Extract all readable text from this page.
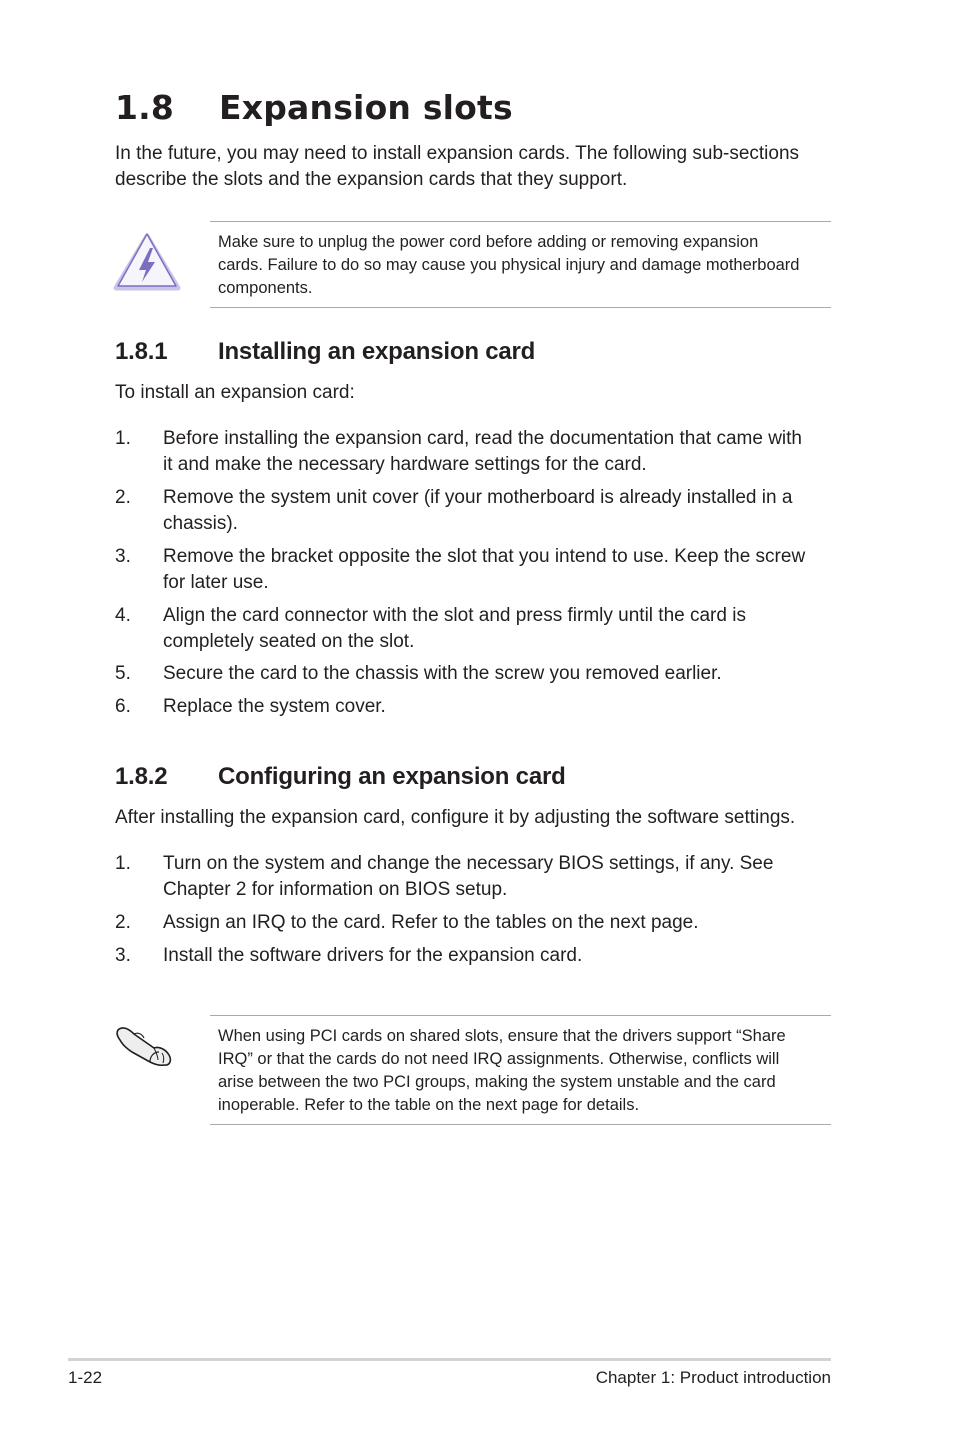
1.8 Expansion slots
In the future, you may need to install expansion cards. The following sub-sections
describe the slots and the expansion cards that they support.
Make sure to unplug the power cord before adding or removing expansion
cards. Failure to do so may cause you physical injury and damage motherboard
components.
1.8.1 Installing an expansion card
To install an expansion card:
1.	Before installing the expansion card, read the documentation that came with
it and make the necessary hardware settings for the card.
2.	Remove the system unit cover (if your motherboard is already installed in a
chassis).
3.	Remove the bracket opposite the slot that you intend to use. Keep the screw
for later use.
4.	Align the card connector with the slot and press firmly until the card is
completely seated on the slot.
5.	Secure the card to the chassis with the screw you removed earlier.
6.	Replace the system cover.
1.8.2 Configuring an expansion card
After installing the expansion card, configure it by adjusting the software settings.
1.	Turn on the system and change the necessary BIOS settings, if any. See
Chapter 2 for information on BIOS setup.
2.	Assign an IRQ to the card. Refer to the tables on the next page.
3.	Install the software drivers for the expansion card.
When using PCI cards on shared slots, ensure that the drivers support “Share
IRQ” or that the cards do not need IRQ assignments. Otherwise, conflicts will
arise between the two PCI groups, making the system unstable and the card
inoperable. Refer to the table on the next page for details.
1-22	Chapter 1: Product introduction
